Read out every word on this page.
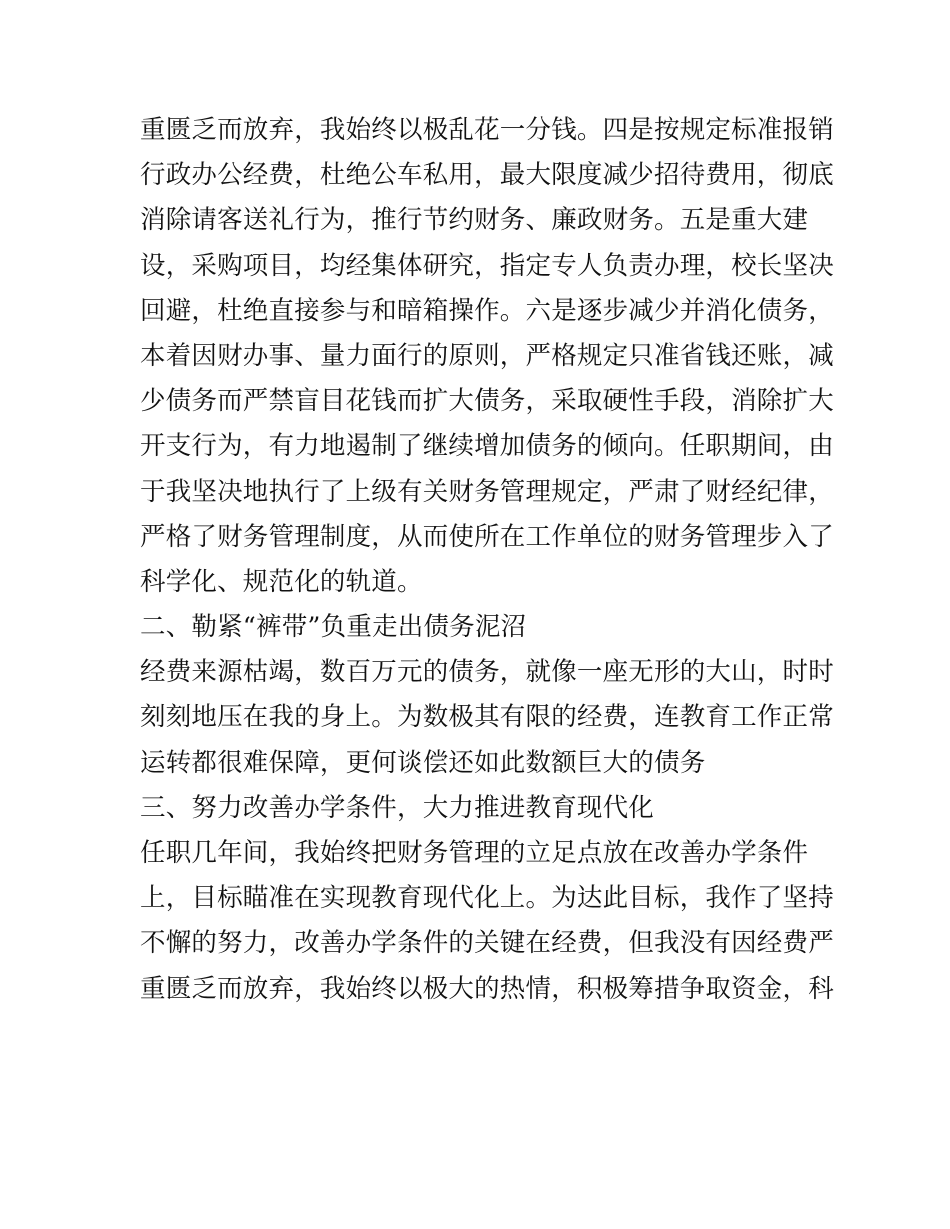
重匮乏而放弃，我始终以极乱花一分钱。四是按规定标准报销
行政办公经费，杜绝公车私用，最大限度减少招待费用，彻底
消除请客送礼行为，推行节约财务、廉政财务。五是重大建
设，采购项目，均经集体研究，指定专人负责办理，校长坚决
回避，杜绝直接参与和暗箱操作。六是逐步减少并消化债务，
本着因财办事、量力面行的原则，严格规定只准省钱还账，减
少债务而严禁盲目花钱而扩大债务，采取硬性手段，消除扩大
开支行为，有力地遏制了继续增加债务的倾向。任职期间，由
于我坚决地执行了上级有关财务管理规定，严肃了财经纪律，
严格了财务管理制度，从而使所在工作单位的财务管理步入了
科学化、规范化的轨道。
二、勒紧“裤带”负重走出债务泥沼
经费来源枯竭，数百万元的债务，就像一座无形的大山，时时
刻刻地压在我的身上。为数极其有限的经费，连教育工作正常
运转都很难保障，更何谈偿还如此数额巨大的债务
三、努力改善办学条件，大力推进教育现代化
任职几年间，我始终把财务管理的立足点放在改善办学条件
上，目标瞄准在实现教育现代化上。为达此目标，我作了坚持
不懈的努力，改善办学条件的关键在经费，但我没有因经费严
重匮乏而放弃，我始终以极大的热情，积极筹措争取资金，科
